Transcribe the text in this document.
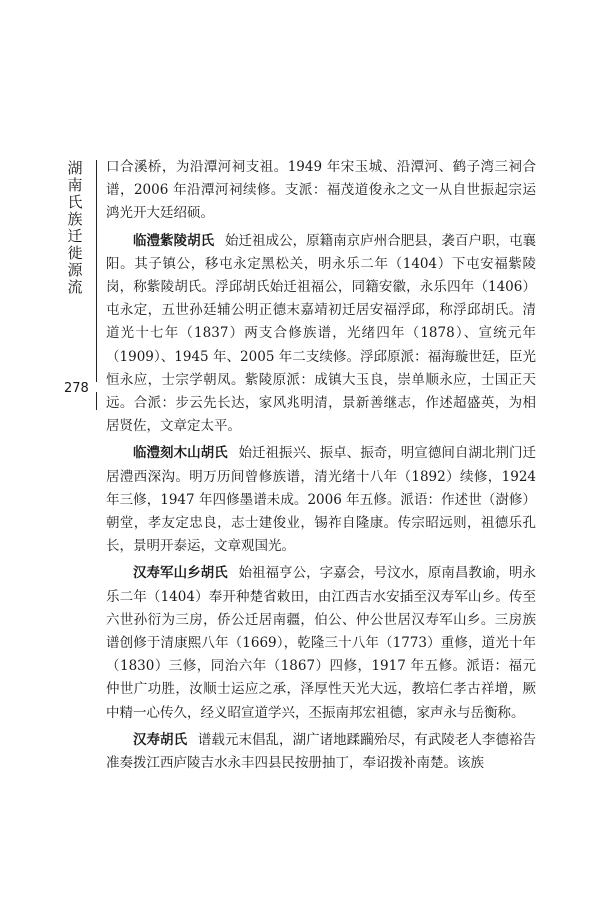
湖南氏族迁徙源流
278

口合溪桥，为沿潭河祠支祖。1949 年宋玉城、沿潭河、鹤子湾三祠合谱，2006 年沿潭河祠续修。支派：福茂道俊永之文一从自世振起宗运鸿光开大廷绍硕。

临澧紫陵胡氏 始迁祖成公，原籍南京庐州合肥县，袭百户职，屯襄阳。其子镇公，移屯永定黑松关，明永乐二年（1404）下屯安福紫陵岗，称紫陵胡氏。浮邱胡氏始迁祖福公，同籍安徽，永乐四年（1406）屯永定，五世孙廷辅公明正德末嘉靖初迁居安福浮邱，称浮邱胡氏。清道光十七年（1837）两支合修族谱，光绪四年（1878）、宣统元年（1909）、1945 年、2005 年二支续修。浮邱原派：福海璇世廷，臣光恒永应，士宗学朝凤。紫陵原派：成镇大玉良，崇单顺永应，士国正天远。合派：步云先长达，家风兆明清，景新善继志，作述超盛英，为相居贤佐，文章定太平。

临澧刻木山胡氏 始迁祖振兴、振卓、振奇，明宣德间自湖北荆门迁居澧西深沟。明万历间曾修族谱，清光绪十八年（1892）续修，1924 年三修，1947 年四修墨谱未成。2006 年五修。派语：作述世（澍修）朝堂，孝友定忠良，志士建俊业，锡祚自隆康。传宗昭远则，祖德乐孔长，景明开泰运，文章观国光。

汉寿军山乡胡氏 始祖福亨公，字嘉会，号汶水，原南昌教谕，明永乐二年（1404）奉开种楚省敕田，由江西吉水安插至汉寿军山乡。传至六世孙衍为三房，侨公迁居南疆，伯公、仲公世居汉寿军山乡。三房族谱创修于清康熙八年（1669），乾隆三十八年（1773）重修，道光十年（1830）三修，同治六年（1867）四修，1917 年五修。派语：福元仲世广功胜，汝顺士运应之承，泽厚性天光大远，教培仁孝古祥增，厥中精一心传久，经义昭宣道学兴，丕振南邦宏祖德，家声永与岳衡称。

汉寿胡氏 谱载元末倡乱，湖广诸地蹂躏殆尽，有武陵老人李德裕告准奏拨江西庐陵吉水永丰四县民按册抽丁，奉诏拨补南楚。该族
